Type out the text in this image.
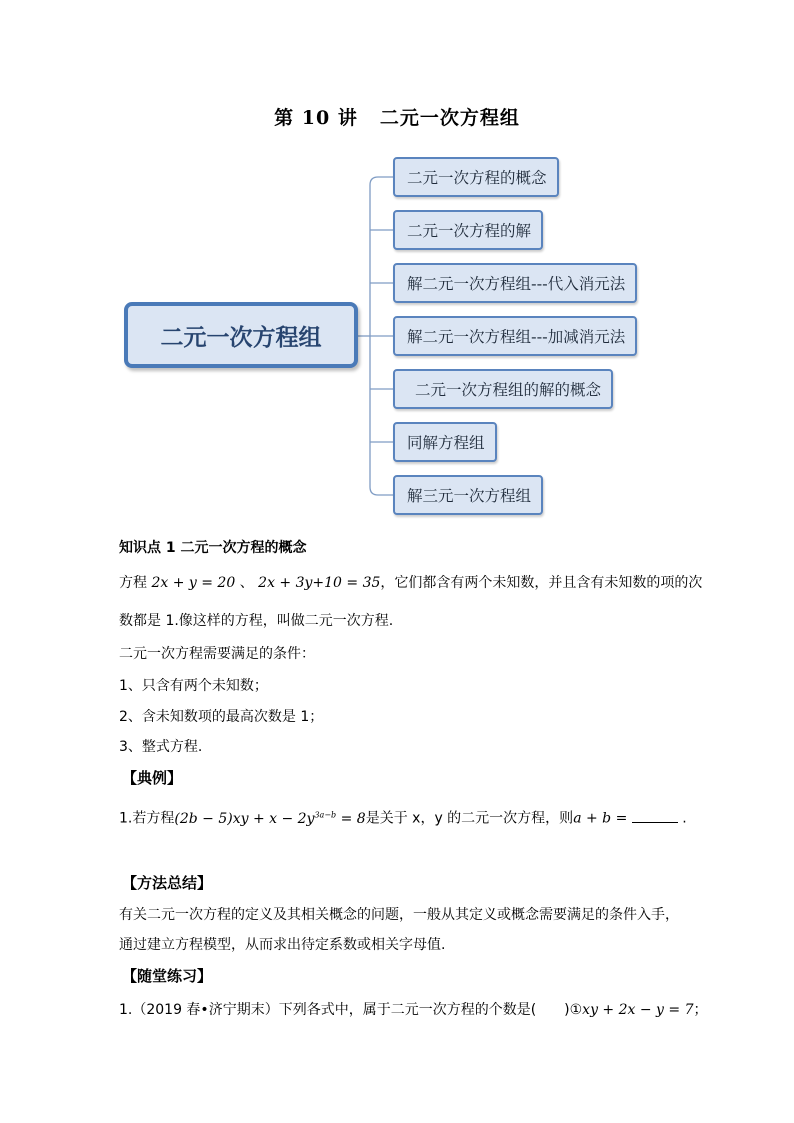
第 10 讲 二元一次方程组
二元一次方程组
二元一次方程的概念
二元一次方程的解
解二元一次方程组---代入消元法
解二元一次方程组---加减消元法
二元一次方程组的解的概念
同解方程组
解三元一次方程组
知识点 1 二元一次方程的概念
方程 2x + y = 20 、 2x + 3y+10 = 35，它们都含有两个未知数，并且含有未知数的项的次
数都是 1.像这样的方程，叫做二元一次方程.
二元一次方程需要满足的条件：
1、只含有两个未知数；
2、含未知数项的最高次数是 1；
3、整式方程.
【典例】
1.若方程$(2b - 5)xy + x - 2y^{3a-b} = 8$是关于 x，y 的二元一次方程，则a + b =	.
【方法总结】
有关二元一次方程的定义及其相关概念的问题，一般从其定义或概念需要满足的条件入手，
通过建立方程模型，从而求出待定系数或相关字母值.
【随堂练习】
1.（2019 春•济宁期末）下列各式中，属于二元一次方程的个数是(　　)①xy + 2x − y = 7；
